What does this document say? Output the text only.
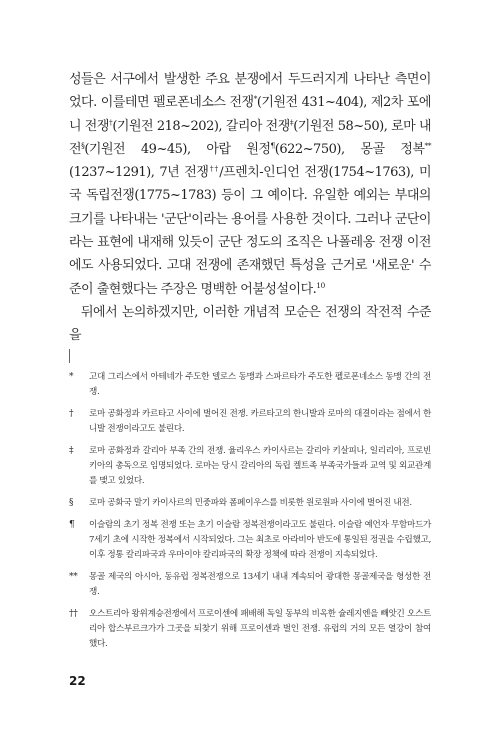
성들은 서구에서 발생한 주요 분쟁에서 두드러지게 나타난 측면이었다. 이를테면 펠로폰네소스 전쟁*(기원전 431~404), 제2차 포에니 전쟁†(기원전 218~202), 갈리아 전쟁‡(기원전 58~50), 로마 내전§(기원전 49~45), 아랍 원정¶(622~750), 몽골 정복**(1237~1291), 7년 전쟁††/프렌치-인디언 전쟁(1754~1763), 미국 독립전쟁(1775~1783) 등이 그 예이다. 유일한 예외는 부대의 크기를 나타내는 '군단'이라는 용어를 사용한 것이다. 그러나 군단이라는 표현에 내재해 있듯이 군단 정도의 조직은 나폴레옹 전쟁 이전에도 사용되었다. 고대 전쟁에 존재했던 특성을 근거로 '새로운' 수준이 출현했다는 주장은 명백한 어불성설이다.$^{10}$

뒤에서 논의하겠지만, 이러한 개념적 모순은 전쟁의 작전적 수준을

*	고대 그리스에서 아테네가 주도한 델로스 동맹과 스파르타가 주도한 펠로폰네소스 동맹 간의 전쟁.
†	로마 공화정과 카르타고 사이에 벌어진 전쟁. 카르타고의 한니발과 로마의 대결이라는 점에서 한니발 전쟁이라고도 불린다.
‡	로마 공화정과 갈리아 부족 간의 전쟁. 율리우스 카이사르는 갈리아 키살피나, 일리리아, 프로빈키아의 총독으로 임명되었다. 로마는 당시 갈리아의 독립 켈트족 부족국가들과 교역 및 외교관계를 맺고 있었다.
§	로마 공화국 말기 카이사르의 민중파와 폼페이우스를 비롯한 원로원파 사이에 벌어진 내전.
¶	이슬람의 초기 정복 전쟁 또는 초기 이슬람 정복전쟁이라고도 불린다. 이슬람 예언자 무함마드가 7세기 초에 시작한 정복에서 시작되었다. 그는 최초로 아라비아 반도에 통일된 정권을 수립했고, 이후 정통 칼리파국과 우마이야 칼리파국의 확장 정책에 따라 전쟁이 지속되었다.
**	몽골 제국의 아시아, 동유럽 정복전쟁으로 13세기 내내 계속되어 광대한 몽골제국을 형성한 전쟁.
††	오스트리아 왕위계승전쟁에서 프로이센에 패배해 독일 동부의 비옥한 슐레지엔을 빼앗긴 오스트리아 합스부르크가가 그곳을 되찾기 위해 프로이센과 벌인 전쟁. 유럽의 거의 모든 열강이 참여했다.
22
